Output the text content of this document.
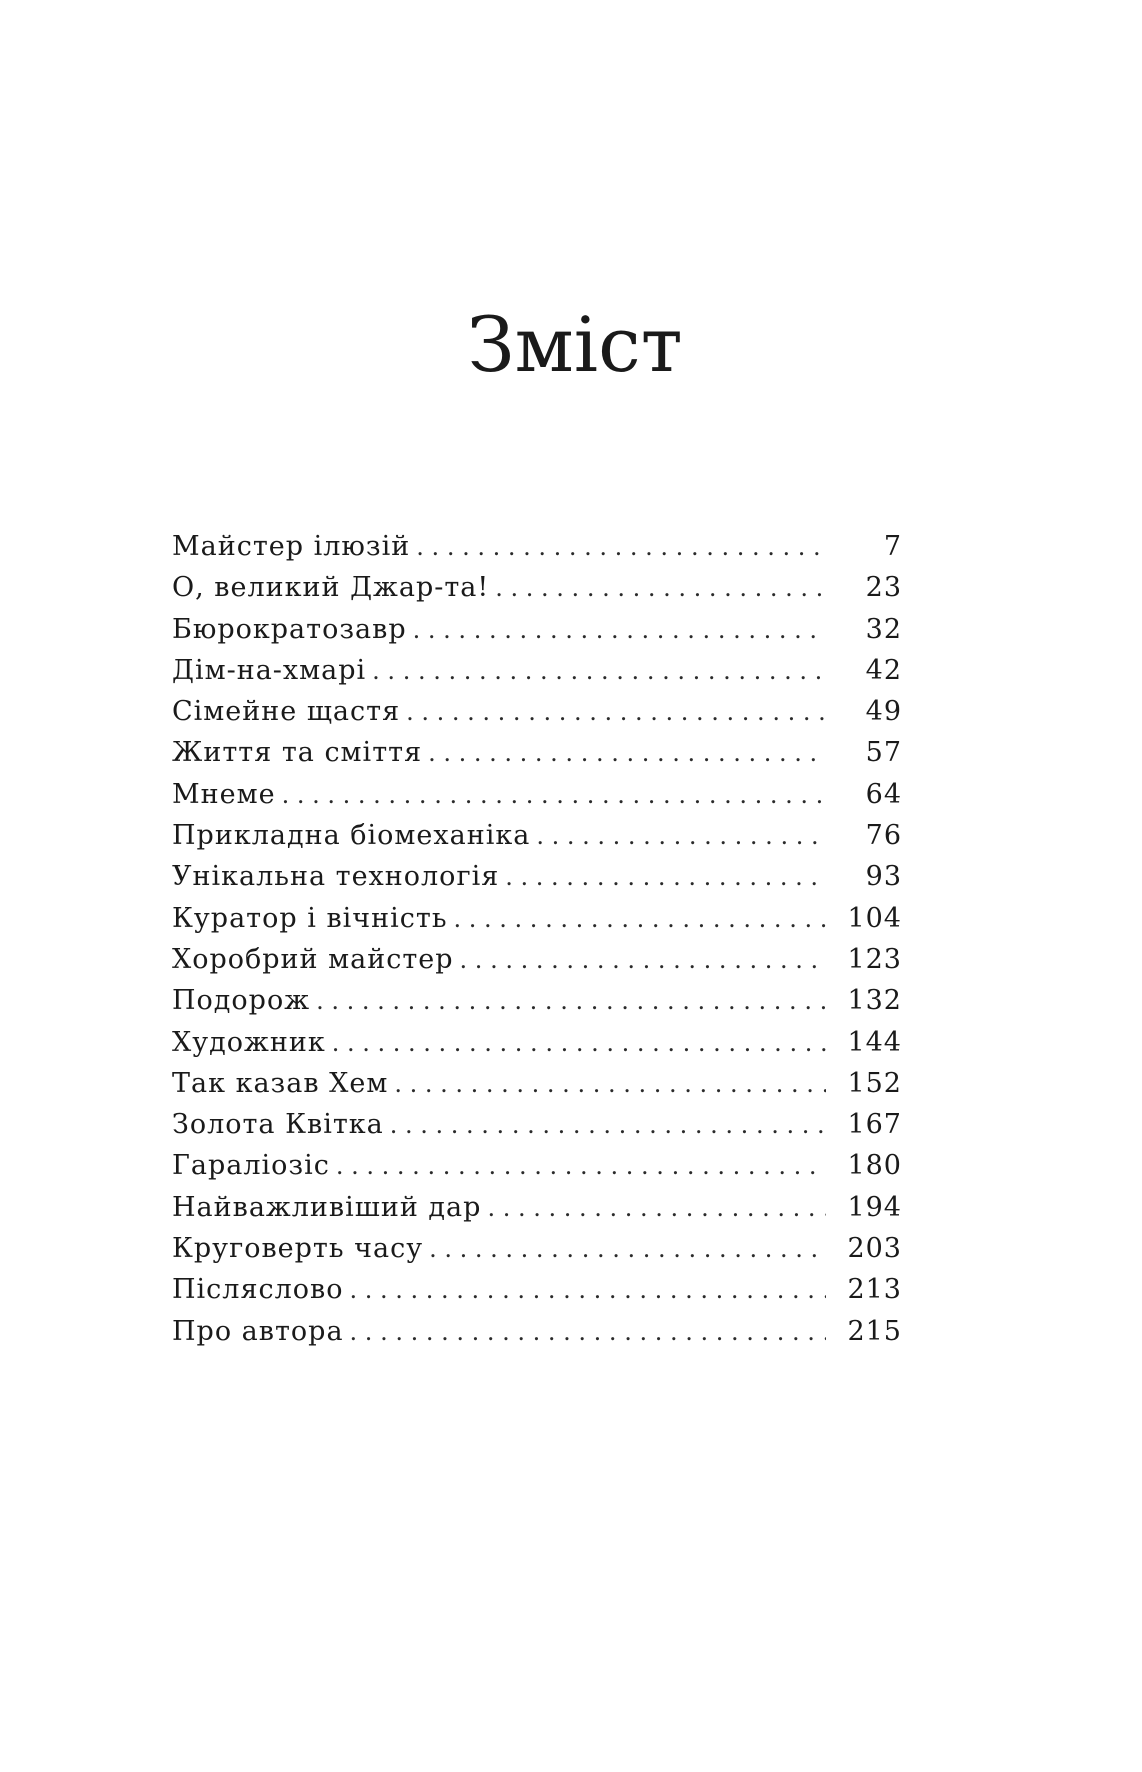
Зміст
Майстер ілюзій . . .	7
О, великий Джар-та! . . .	23
Бюрократозавр . . .	32
Дім-на-хмарі . . .	42
Сімейне щастя . . .	49
Життя та сміття . . .	57
Мнеме . . .	64
Прикладна біомеханіка . . .	76
Унікальна технологія . . .	93
Куратор і вічність . . .	104
Хоробрий майстер . . .	123
Подорож . . .	132
Художник . . .	144
Так казав Хем . . .	152
Золота Квітка . . .	167
Гараліозіс . . .	180
Найважливіший дар . . .	194
Круговерть часу . . .	203
Післяслово . . .	213
Про автора . . .	215
